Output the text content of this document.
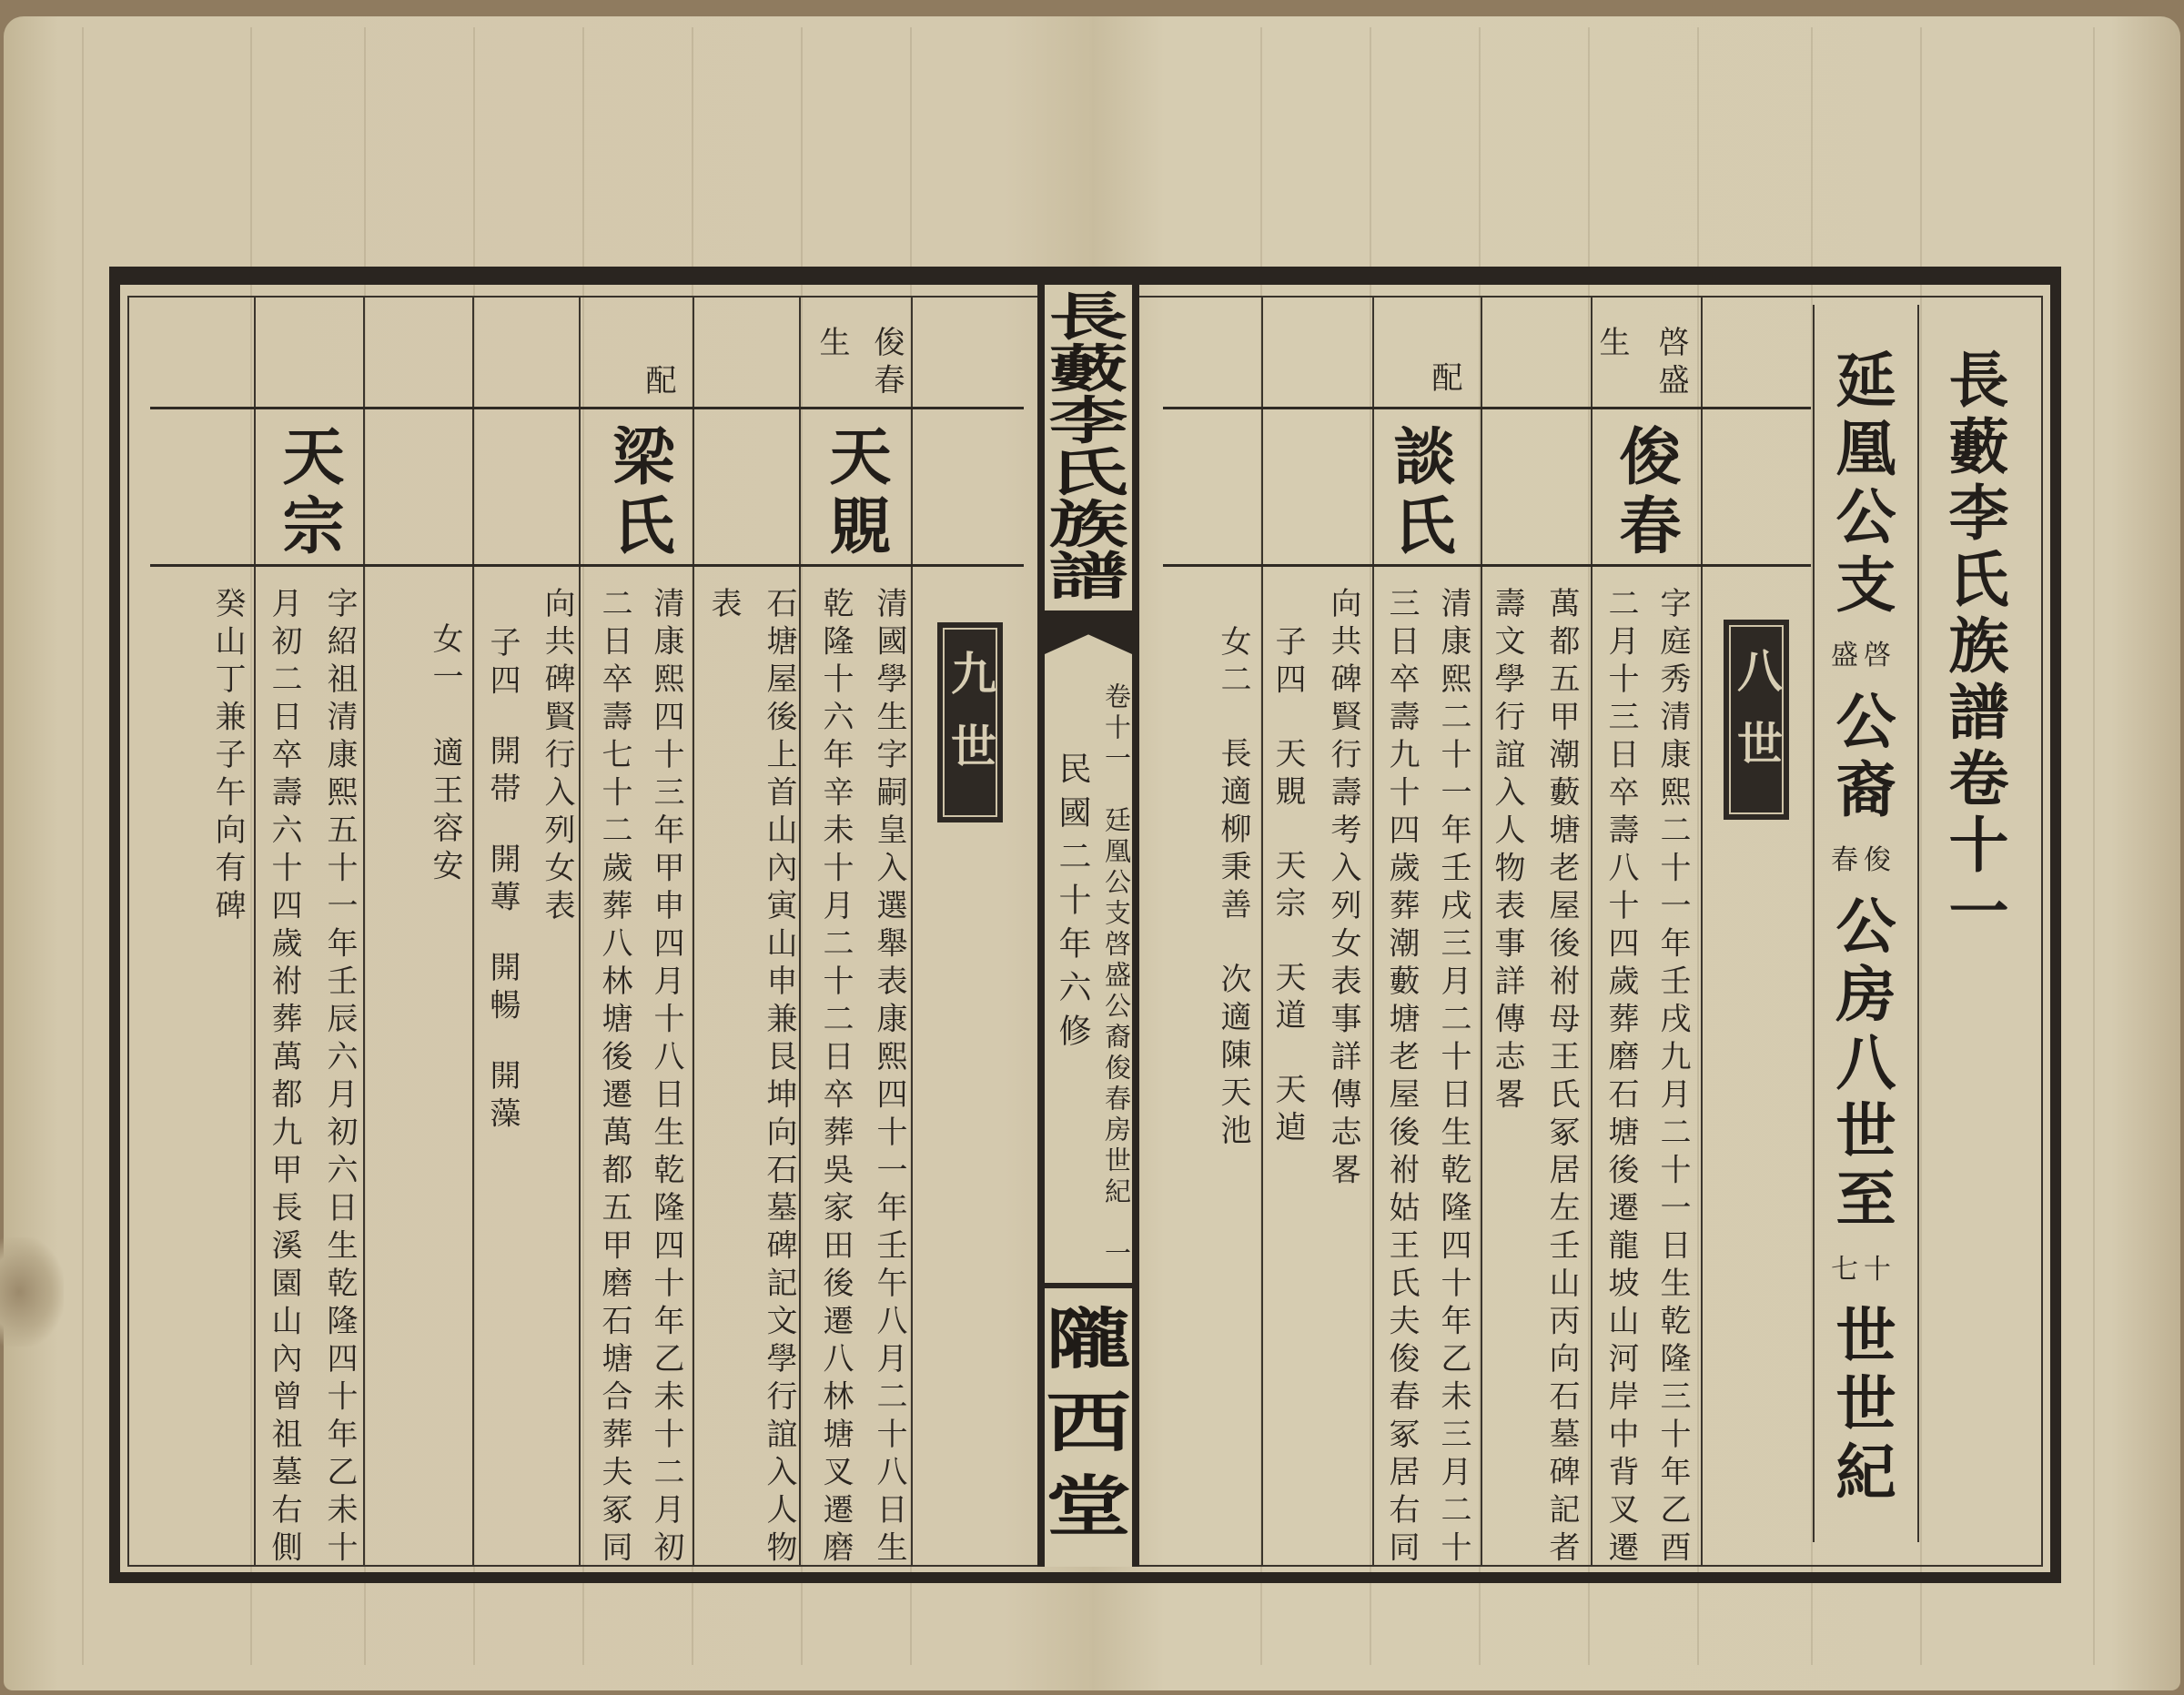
長
藪
李
氏
族
譜
卷十一　廷凰公支啓盛公裔俊春房世紀　一
民國二十年六修
隴
西
堂
長藪李氏族譜卷十一
延凰公支
啓
盛
公裔
俊
春
公房八世至
十
七
世世紀
八世
啓盛
生
俊春
字庭秀清康熙二十一年壬戌九月二十一日生乾隆三十年乙酉
二月十三日卒壽八十四歲葬磨石塘後遷龍坡山河岸中背叉遷
萬都五甲潮藪塘老屋後祔母王氏冢居左壬山丙向石墓碑記者
壽文學行誼入人物表事詳傳志畧
配
談氏
清康熙二十一年壬戌三月二十日生乾隆四十年乙未三月二十
三日卒壽九十四歲葬潮藪塘老屋後祔姑王氏夫俊春冢居右同
向共碑賢行壽考入列女表事詳傳志畧
子四
天覞
天宗
天道
天逌
女二
長適柳秉善
次適陳天池
九世
俊春
生
天覞
清國學生字嗣皇入選舉表康熙四十一年壬午八月二十八日生
乾隆十六年辛未十月二十二日卒葬吳家田後遷八林塘叉遷磨
石塘屋後上首山內寅山申兼艮坤向石墓碑記文學行誼入人物
表
配
梁氏
清康熙四十三年甲申四月十八日生乾隆四十年乙未十二月初
二日卒壽七十二歲葬八林塘後遷萬都五甲磨石塘合葬夫冢同
向共碑賢行入列女表
子四
開帯
開蓴
開暢
開藻
女一
適王容安
天宗
字紹祖清康熙五十一年壬辰六月初六日生乾隆四十年乙未十
月初二日卒壽六十四歲祔葬萬都九甲長溪園山內曾祖墓右側
癸山丁兼子午向有碑
